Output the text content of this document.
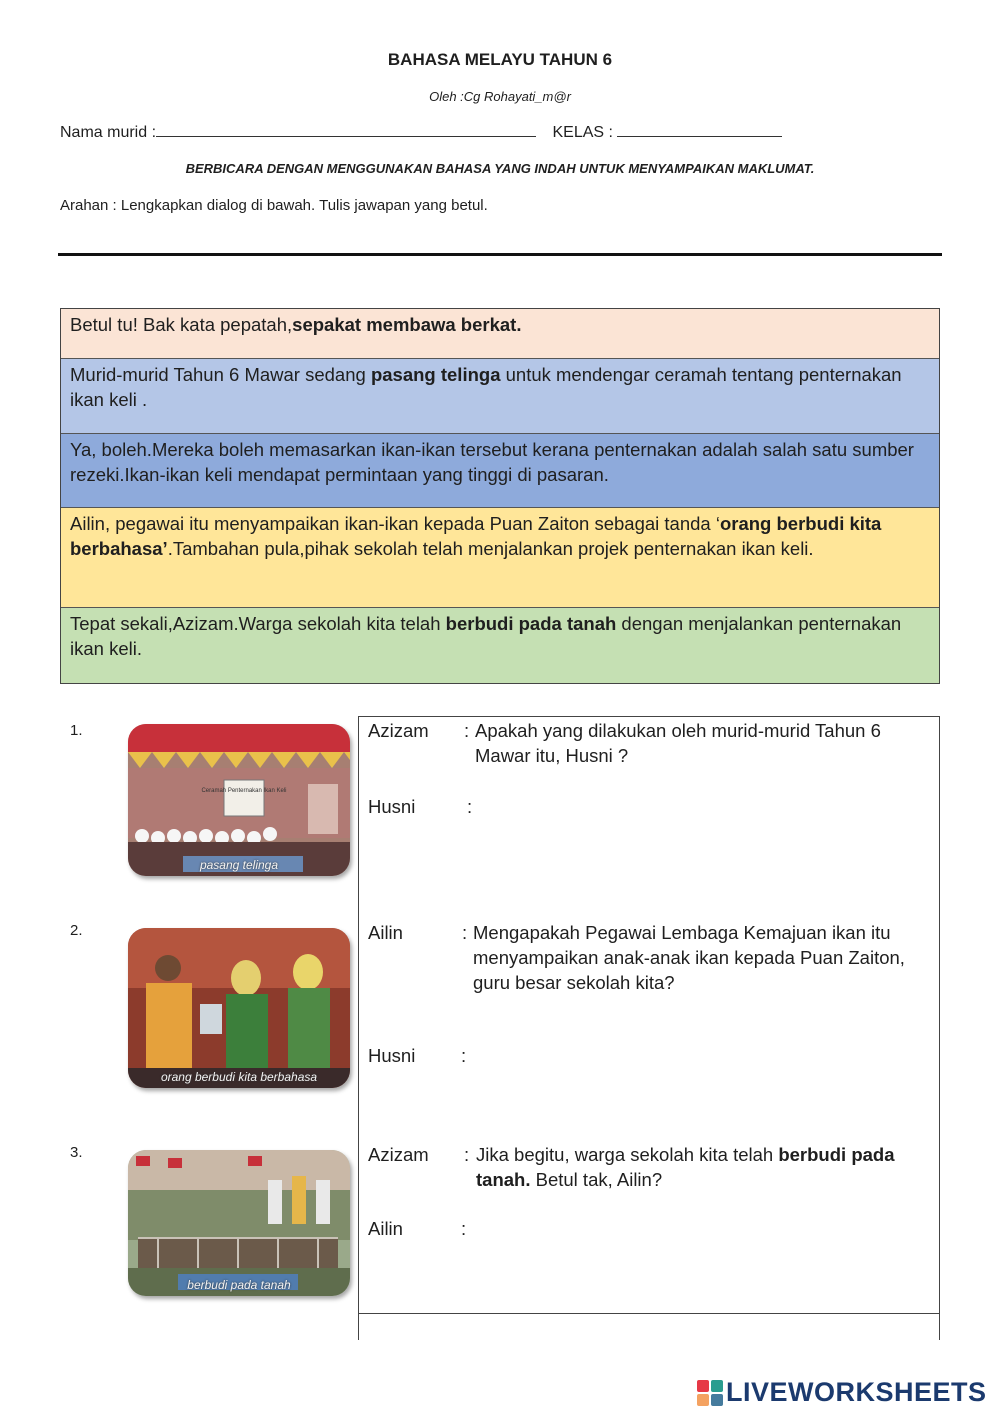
BAHASA MELAYU TAHUN 6
Oleh :Cg Rohayati_m@r
Nama murid :	KELAS :
BERBICARA DENGAN MENGGUNAKAN BAHASA YANG INDAH UNTUK MENYAMPAIKAN MAKLUMAT.
Arahan : Lengkapkan dialog di bawah. Tulis jawapan yang betul.
Betul tu! Bak kata pepatah,sepakat membawa berkat.
Murid-murid Tahun 6 Mawar sedang pasang telinga untuk mendengar ceramah tentang penternakan ikan keli .
Ya, boleh.Mereka boleh memasarkan ikan-ikan tersebut kerana penternakan adalah salah satu sumber rezeki.Ikan-ikan keli mendapat permintaan yang tinggi di pasaran.
Ailin, pegawai itu menyampaikan ikan-ikan kepada Puan Zaiton sebagai tanda ‘orang berbudi kita berbahasa’.Tambahan pula,pihak sekolah telah menjalankan projek penternakan ikan keli.
Tepat sekali,Azizam.Warga sekolah kita telah berbudi pada tanah dengan menjalankan penternakan ikan keli.
1.
2.
3.
Ceramah Penternakan Ikan Keli
pasang telinga
orang berbudi kita berbahasa
berbudi pada tanah
Azizam : Apakah yang dilakukan oleh murid-murid Tahun 6 Mawar itu, Husni ?
Husni	:
Ailin	: Mengapakah Pegawai Lembaga Kemajuan ikan itu menyampaikan anak-anak ikan kepada Puan Zaiton, guru besar sekolah kita?
Husni :
Azizam : Jika begitu, warga sekolah kita telah berbudi pada tanah. Betul tak, Ailin?
Ailin	:
LIVEWORKSHEETS
